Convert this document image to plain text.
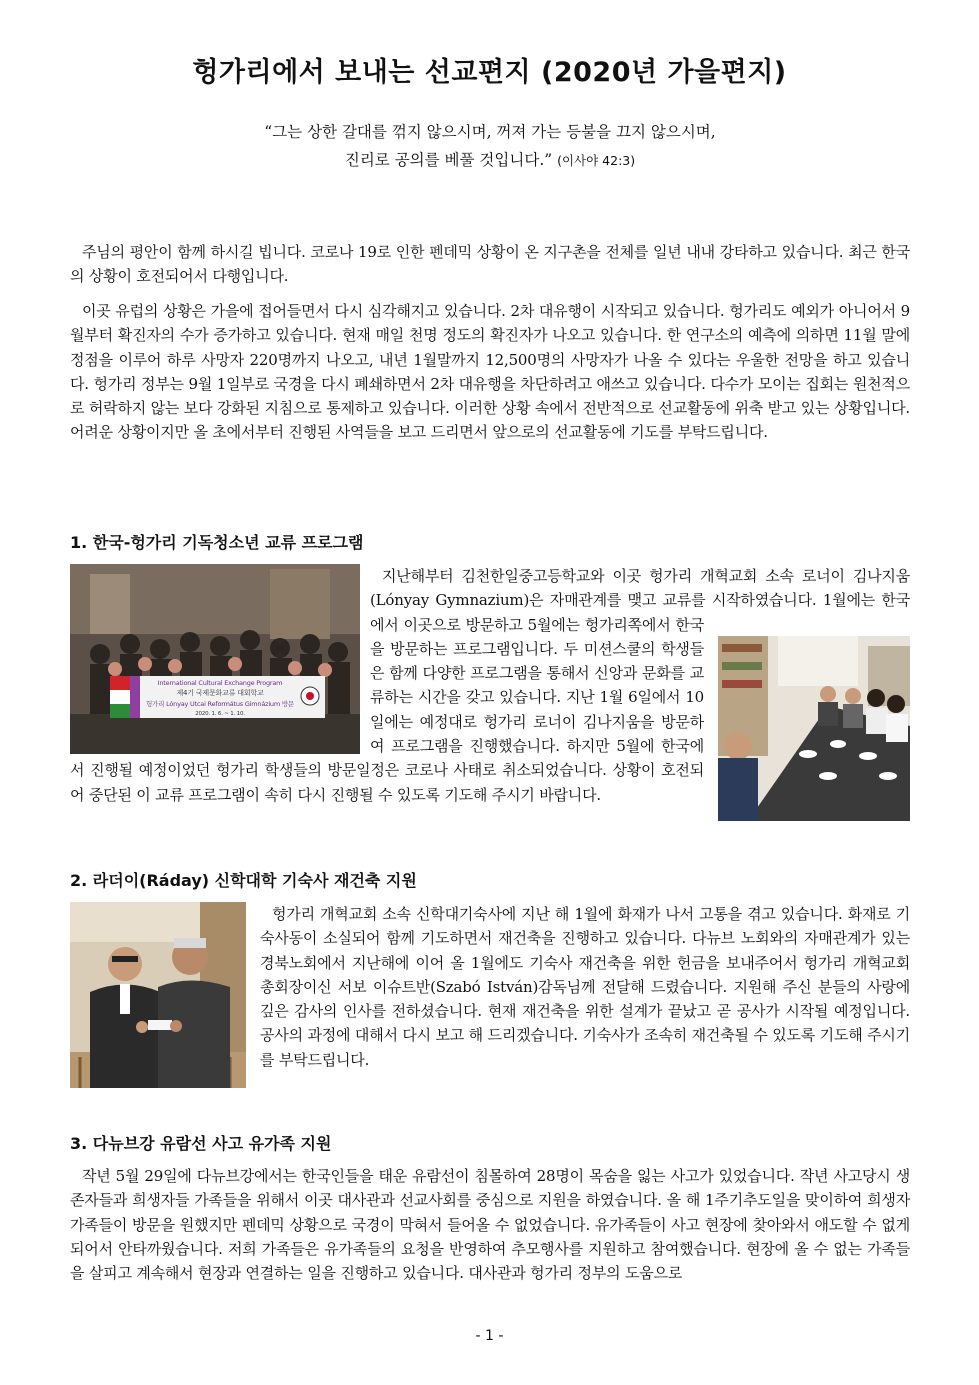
헝가리에서 보내는 선교편지 (2020년 가을편지)

“그는 상한 갈대를 꺾지 않으시며, 꺼져 가는 등불을 끄지 않으시며,
진리로 공의를 베풀 것입니다.” (이사야 42:3)

주님의 평안이 함께 하시길 빕니다. 코로나 19로 인한 펜데믹 상황이 온 지구촌을 전체를 일년 내내 강타하고 있습니다. 최근 한국의 상황이 호전되어서 다행입니다.

이곳 유럽의 상황은 가을에 접어들면서 다시 심각해지고 있습니다. 2차 대유행이 시작되고 있습니다. 헝가리도 예외가 아니어서 9월부터 확진자의 수가 증가하고 있습니다. 현재 매일 천명 정도의 확진자가 나오고 있습니다. 한 연구소의 예측에 의하면 11월 말에 정점을 이루어 하루 사망자 220명까지 나오고, 내년 1월말까지 12,500명의 사망자가 나올 수 있다는 우울한 전망을 하고 있습니다. 헝가리 정부는 9월 1일부로 국경을 다시 폐쇄하면서 2차 대유행을 차단하려고 애쓰고 있습니다. 다수가 모이는 집회는 원천적으로 허락하지 않는 보다 강화된 지침으로 통제하고 있습니다. 이러한 상황 속에서 전반적으로 선교활동에 위축 받고 있는 상황입니다. 어려운 상황이지만 올 초에서부터 진행된 사역들을 보고 드리면서 앞으로의 선교활동에 기도를 부탁드립니다.

1. 한국-헝가리 기독청소년 교류 프로그램

International Cultural Exchange Program
제4기 국제문화교류 대회학교
헝가리 Lónyay Utcai Református Gimnázium 방문
2020. 1. 6. ~ 1. 10.
지난해부터 김천한일중고등학교와 이곳 헝가리 개혁교회 소속 로너이 김나지움(Lónyay Gymnazium)은 자매관계를 맺고 교류를 시작하였습니다. 1월에는 한국에서 이곳으로 방문하고 5월에는 헝가리쪽에서 한국을 방문하는 프로그램입니다. 두 미션스쿨의 학생들은 함께 다양한 프로그램을 통해서 신앙과 문화를 교류하는 시간을 갖고 있습니다. 지난 1월 6일에서 10일에는 예정대로 헝가리 로너이 김나지움을 방문하여 프로그램을 진행했습니다. 하지만 5월에 한국에서 진행될 예정이었던 헝가리 학생들의 방문일정은 코로나 사태로 취소되었습니다. 상황이 호전되어 중단된 이 교류 프로그램이 속히 다시 진행될 수 있도록 기도해 주시기 바랍니다.

2. 라더이(Ráday) 신학대학 기숙사 재건축 지원

헝가리 개혁교회 소속 신학대기숙사에 지난 해 1월에 화재가 나서 고통을 겪고 있습니다. 화재로 기숙사동이 소실되어 함께 기도하면서 재건축을 진행하고 있습니다. 다뉴브 노회와의 자매관계가 있는 경북노회에서 지난해에 이어 올 1월에도 기숙사 재건축을 위한 헌금을 보내주어서 헝가리 개혁교회 총회장이신 서보 이슈트반(Szabó István)감독님께 전달해 드렸습니다. 지원해 주신 분들의 사랑에 깊은 감사의 인사를 전하셨습니다. 현재 재건축을 위한 설계가 끝났고 곧 공사가 시작될 예정입니다. 공사의 과정에 대해서 다시 보고 해 드리겠습니다. 기숙사가 조속히 재건축될 수 있도록 기도해 주시기를 부탁드립니다.

3. 다뉴브강 유람선 사고 유가족 지원

작년 5월 29일에 다뉴브강에서는 한국인들을 태운 유람선이 침몰하여 28명이 목숨을 잃는 사고가 있었습니다. 작년 사고당시 생존자들과 희생자들 가족들을 위해서 이곳 대사관과 선교사회를 중심으로 지원을 하였습니다. 올 해 1주기추도일을 맞이하여 희생자 가족들이 방문을 원했지만 펜데믹 상황으로 국경이 막혀서 들어올 수 없었습니다. 유가족들이 사고 현장에 찾아와서 애도할 수 없게 되어서 안타까웠습니다. 저희 가족들은 유가족들의 요청을 반영하여 추모행사를 지원하고 참여했습니다. 현장에 올 수 없는 가족들을 살피고 계속해서 현장과 연결하는 일을 진행하고 있습니다. 대사관과 헝가리 정부의 도움으로

- 1 -
